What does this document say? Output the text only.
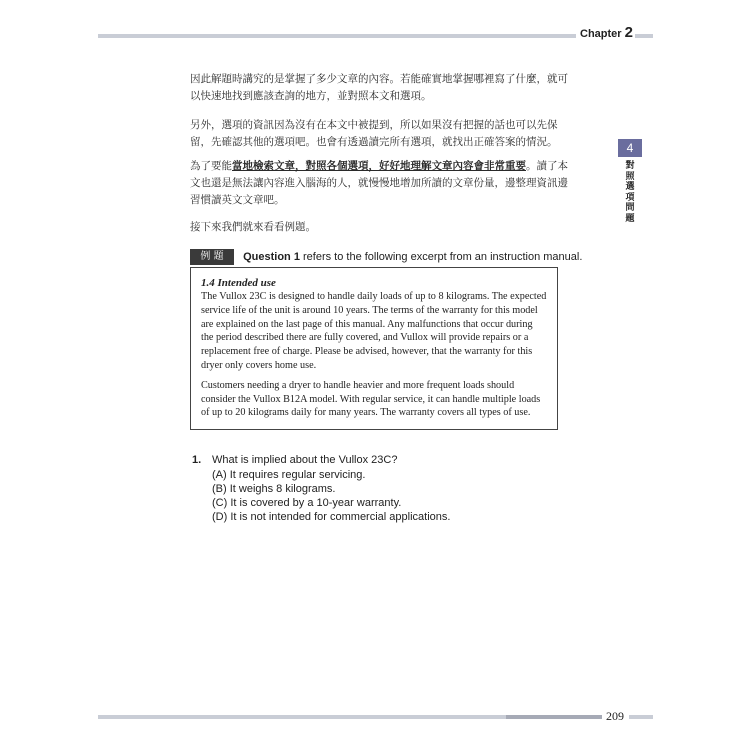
Chapter 2
4
對照選項問題
因此解題時講究的是掌握了多少文章的內容。若能確實地掌握哪裡寫了什麼，就可以快速地找到應該查詢的地方，並對照本文和選項。
另外，選項的資訊因為沒有在本文中被提到，所以如果沒有把握的話也可以先保留，先確認其他的選項吧。也會有透過讀完所有選項，就找出正確答案的情況。
為了要能當地檢索文章，對照各個選項，好好地理解文章內容會非常重要。讀了本文也還是無法讓內容進入腦海的人，就慢慢地增加所讀的文章份量，邊整理資訊邊習慣讀英文文章吧。
接下來我們就來看看例題。
例 題 $^{Question 1 refers to the following excerpt from an instruction manual.}$
1.4 Intended use

The Vullox 23C is designed to handle daily loads of up to 8 kilograms. The expected service life of the unit is around 10 years. The terms of the warranty for this model are explained on the last page of this manual. Any malfunctions that occur during the period described there are fully covered, and Vullox will provide repairs or a replacement free of charge. Please be advised, however, that the warranty for this dryer only covers home use.

Customers needing a dryer to handle heavier and more frequent loads should consider the Vullox B12A model. With regular service, it can handle multiple loads of up to 20 kilograms daily for many years. The warranty covers all types of use.

1. What is implied about the Vullox 23C?
(A) It requires regular servicing.
(B) It weighs 8 kilograms.
(C) It is covered by a 10-year warranty.
(D) It is not intended for commercial applications.
209
